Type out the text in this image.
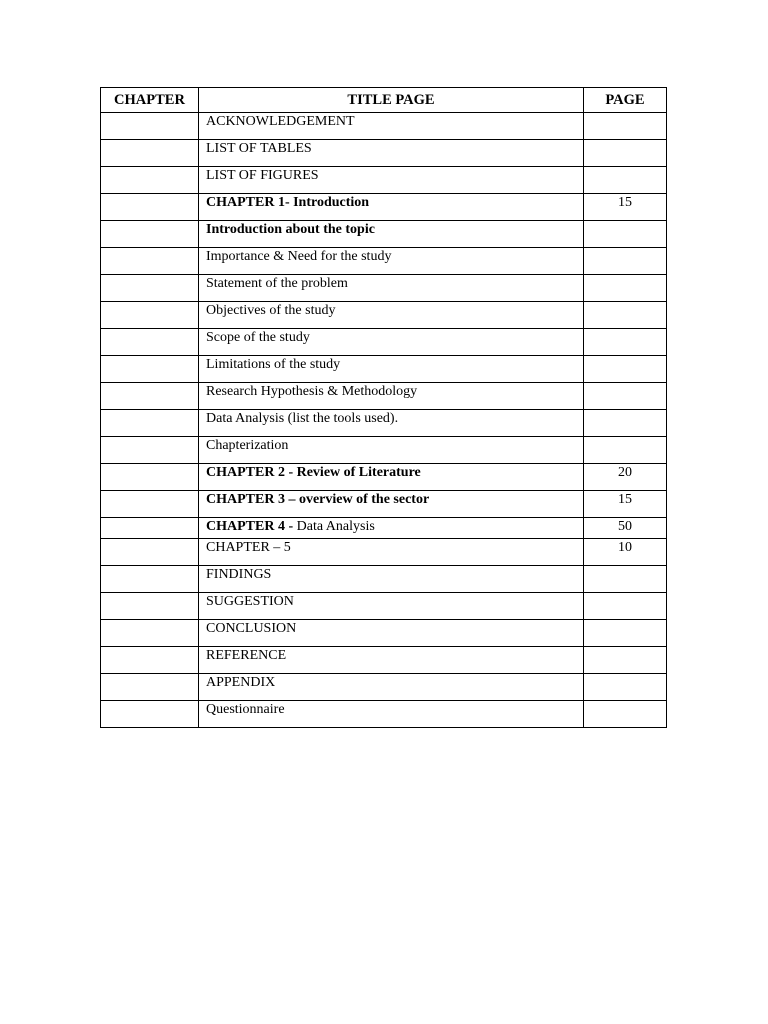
CHAPTER	TITLE PAGE	PAGE
	ACKNOWLEDGEMENT	
	LIST OF TABLES	
	LIST OF FIGURES	
	CHAPTER 1- Introduction	15
	Introduction about the topic	
	Importance & Need for the study	
	Statement of the problem	
	Objectives of the study	
	Scope of the study	
	Limitations of the study	
	Research Hypothesis & Methodology	
	Data Analysis (list the tools used).	
	Chapterization	
	CHAPTER 2 - Review of Literature	20
	CHAPTER 3 – overview of the sector	15
	CHAPTER 4 - Data Analysis	50
	CHAPTER – 5	10
	FINDINGS	
	SUGGESTION	
	CONCLUSION	
	REFERENCE	
	APPENDIX	
	Questionnaire	
